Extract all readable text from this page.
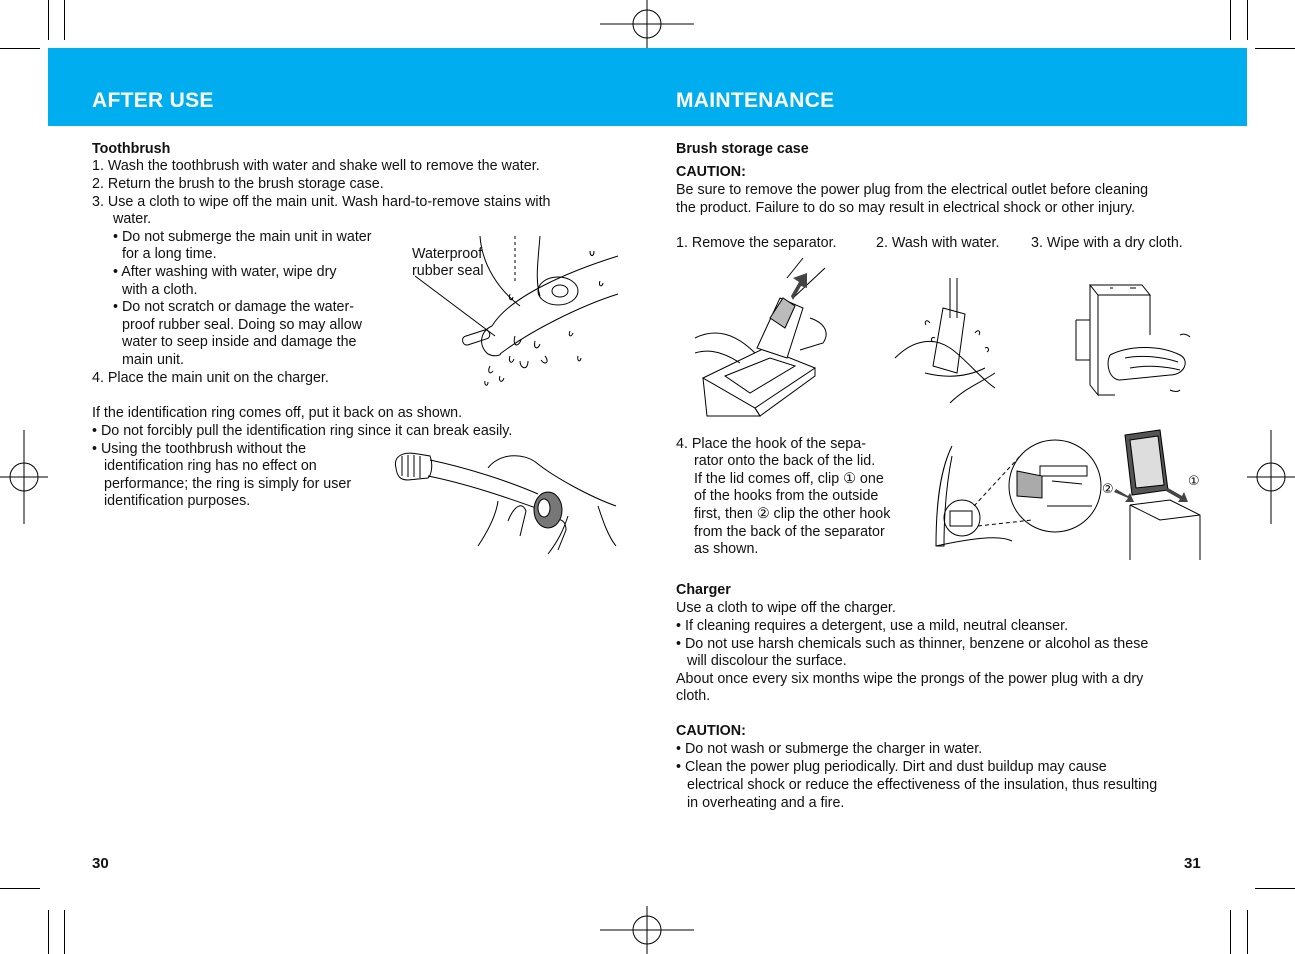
AFTER USE	MAINTENANCE
Toothbrush
1. Wash the toothbrush with water and shake well to remove the water.
2. Return the brush to the brush storage case.
3. Use a cloth to wipe off the main unit. Wash hard-to-remove stains with
water.
• Do not submerge the main unit in water
for a long time.
• After washing with water, wipe dry
with a cloth.
• Do not scratch or damage the water-
proof rubber seal. Doing so may allow
water to seep inside and damage the
main unit.
4. Place the main unit on the charger.
Waterproof
rubber seal
If the identification ring comes off, put it back on as shown.
• Do not forcibly pull the identification ring since it can break easily.
• Using the toothbrush without the
identification ring has no effect on
performance; the ring is simply for user
identification purposes.
30
Brush storage case
CAUTION:
Be sure to remove the power plug from the electrical outlet before cleaning
the product. Failure to do so may result in electrical shock or other injury.
1. Remove the separator.	2. Wash with water. 3. Wipe with a dry cloth.
4. Place the hook of the sepa-
rator onto the back of the lid.
If the lid comes off, clip ① one
of the hooks from the outside
first, then ② clip the other hook
from the back of the separator
as shown.
②
①
Charger
Use a cloth to wipe off the charger.
• If cleaning requires a detergent, use a mild, neutral cleanser.
• Do not use harsh chemicals such as thinner, benzene or alcohol as these
will discolour the surface.
About once every six months wipe the prongs of the power plug with a dry
cloth.
CAUTION:
• Do not wash or submerge the charger in water.
• Clean the power plug periodically. Dirt and dust buildup may cause
electrical shock or reduce the effectiveness of the insulation, thus resulting
in overheating and a fire.
31
